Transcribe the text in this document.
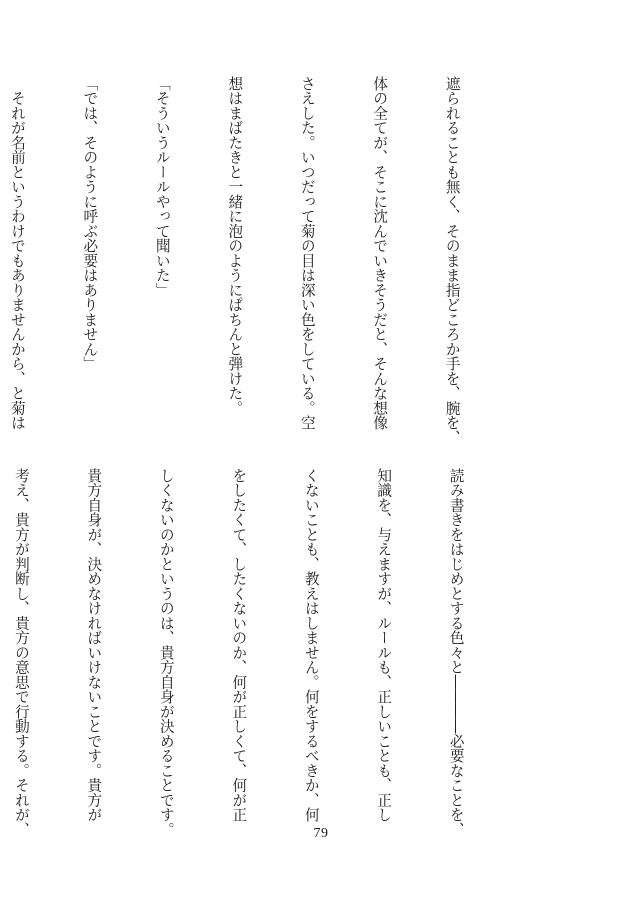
遮られることも無く、そのまま指どころか手を、腕を、

体の全てが、そこに沈んでいきそうだと、そんな想像

さえした。いつだって菊の目は深い色をしている。空

想はまばたきと一緒に泡のようにぱちんと弾けた。

「そういうルールやって聞いた」

「では、そのように呼ぶ必要はありません」

　それが名前というわけでもありませんから、と菊は

読み書きをはじめとする色々と――――必要なことを、

知識を、与えますが、ルールも、正しいことも、正し

くないことも、教えはしません。何をするべきか、何

をしたくて、したくないのか、何が正しくて、何が正

しくないのかというのは、貴方自身が決めることです。

貴方自身が、決めなければいけないことです。貴方が

考え、貴方が判断し、貴方の意思で行動する。それが、

	79
